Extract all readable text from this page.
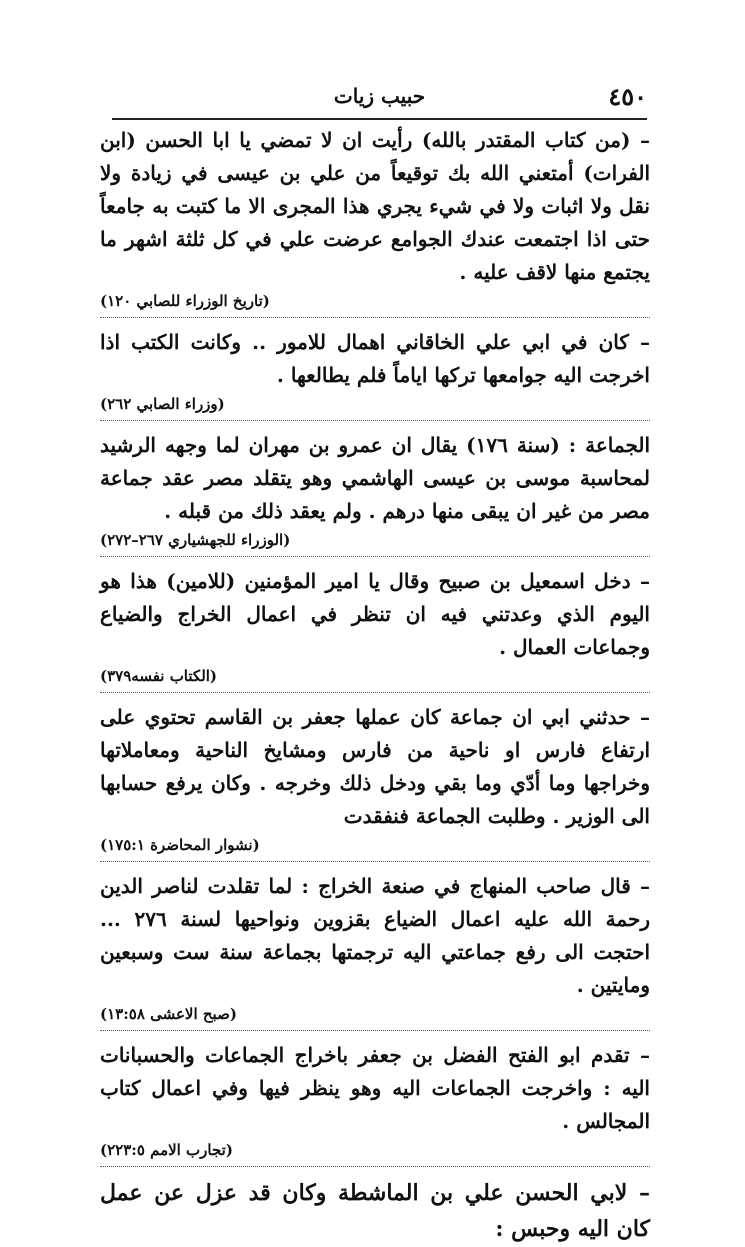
٤٥٠
حبيب زيات

– (من كتاب المقتدر بالله) رأيت ان لا تمضي يا ابا الحسن (ابن الفرات) أمتعني الله بك توقيعاً من علي بن عيسى في زيادة ولا نقل ولا اثبات ولا في شيء يجري هذا المجرى الا ما كتبت به جامعاً حتى اذا اجتمعت عندك الجوامع عرضت علي في كل ثلثة اشهر ما يجتمع منها لاقف عليه .

(تاريخ الوزراء للصابي ١٢٠)

– كان في ابي علي الخاقاني اهمال للامور .. وكانت الكتب اذا اخرجت اليه جوامعها تركها اياماً فلم يطالعها .

(وزراء الصابي ٢٦٢)

الجماعة : (سنة ١٧٦) يقال ان عمرو بن مهران لما وجهه الرشيد لمحاسبة موسى بن عيسى الهاشمي وهو يتقلد مصر عقد جماعة مصر من غير ان يبقى منها درهم . ولم يعقد ذلك من قبله .

(الوزراء للجهشياري ٢٦٧–٢٧٢)

– دخل اسمعيل بن صبيح وقال يا امير المؤمنين (للامين) هذا هو اليوم الذي وعدتني فيه ان تنظر في اعمال الخراج والضياع وجماعات العمال .

(الكتاب نفسه٣٧٩)

– حدثني ابي ان جماعة كان عملها جعفر بن القاسم تحتوي على ارتفاع فارس او ناحية من فارس ومشايخ الناحية ومعاملاتها وخراجها وما أدّي وما بقي ودخل ذلك وخرجه . وكان يرفع حسابها الى الوزير . وطلبت الجماعة فنفقدت

(نشوار المحاضرة ١٧٥:١)

– قال صاحب المنهاج في صنعة الخراج : لما تقلدت لناصر الدين رحمة الله عليه اعمال الضياع بقزوين ونواحيها لسنة ٢٧٦ ... احتجت الى رفع جماعتي اليه ترجمتها بجماعة سنة ست وسبعين ومايتين .

(صبح الاعشى ١٣:٥٨)

– تقدم ابو الفتح الفضل بن جعفر باخراج الجماعات والحسبانات اليه : واخرجت الجماعات اليه وهو ينظر فيها وفي اعمال كتاب المجالس .

(تجارب الامم ٢٢٣:٥)

– لابي الحسن علي بن الماشطة وكان قد عزل عن عمل كان اليه وحبس :
